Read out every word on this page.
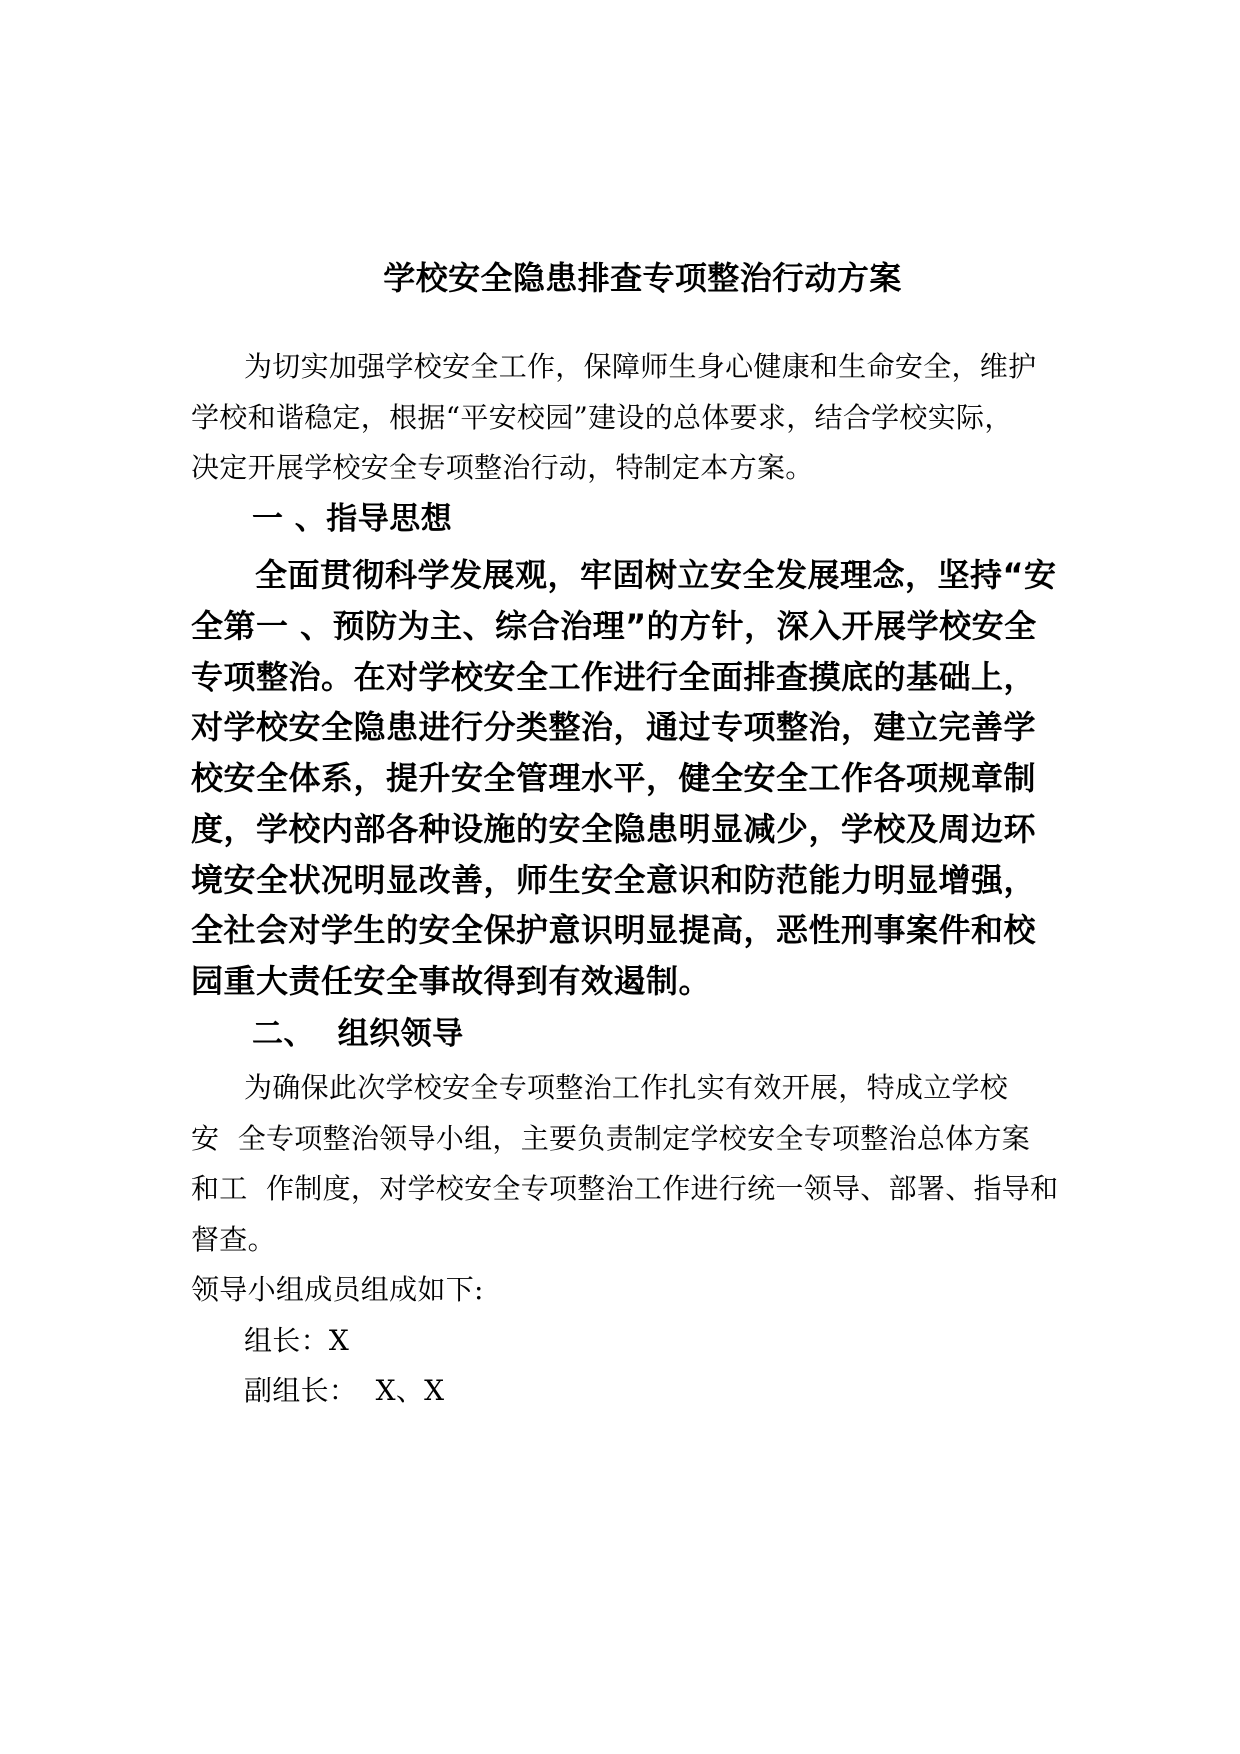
学校安全隐患排查专项整治行动方案
为切实加强学校安全工作，保障师生身心健康和生命安全，维护
学校和谐稳定，根据“平安校园”建设的总体要求，结合学校实际，
决定开展学校安全专项整治行动，特制定本方案。
一 、指导思想
全面贯彻科学发展观，牢固树立安全发展理念，坚持“安
全第一 、预防为主、综合治理”的方针，深入开展学校安全
专项整治。在对学校安全工作进行全面排查摸底的基础上，
对学校安全隐患进行分类整治，通过专项整治，建立完善学
校安全体系，提升安全管理水平，健全安全工作各项规章制
度，学校内部各种设施的安全隐患明显减少，学校及周边环
境安全状况明显改善，师生安全意识和防范能力明显增强，
全社会对学生的安全保护意识明显提高，恶性刑事案件和校
园重大责任安全事故得到有效遏制。
二、  组织领导
为确保此次学校安全专项整治工作扎实有效开展，特成立学校
安  全专项整治领导小组，主要负责制定学校安全专项整治总体方案
和工  作制度，对学校安全专项整治工作进行统一领导、部署、指导和
督查。
领导小组成员组成如下:
组长：X
副组长：  X、X
